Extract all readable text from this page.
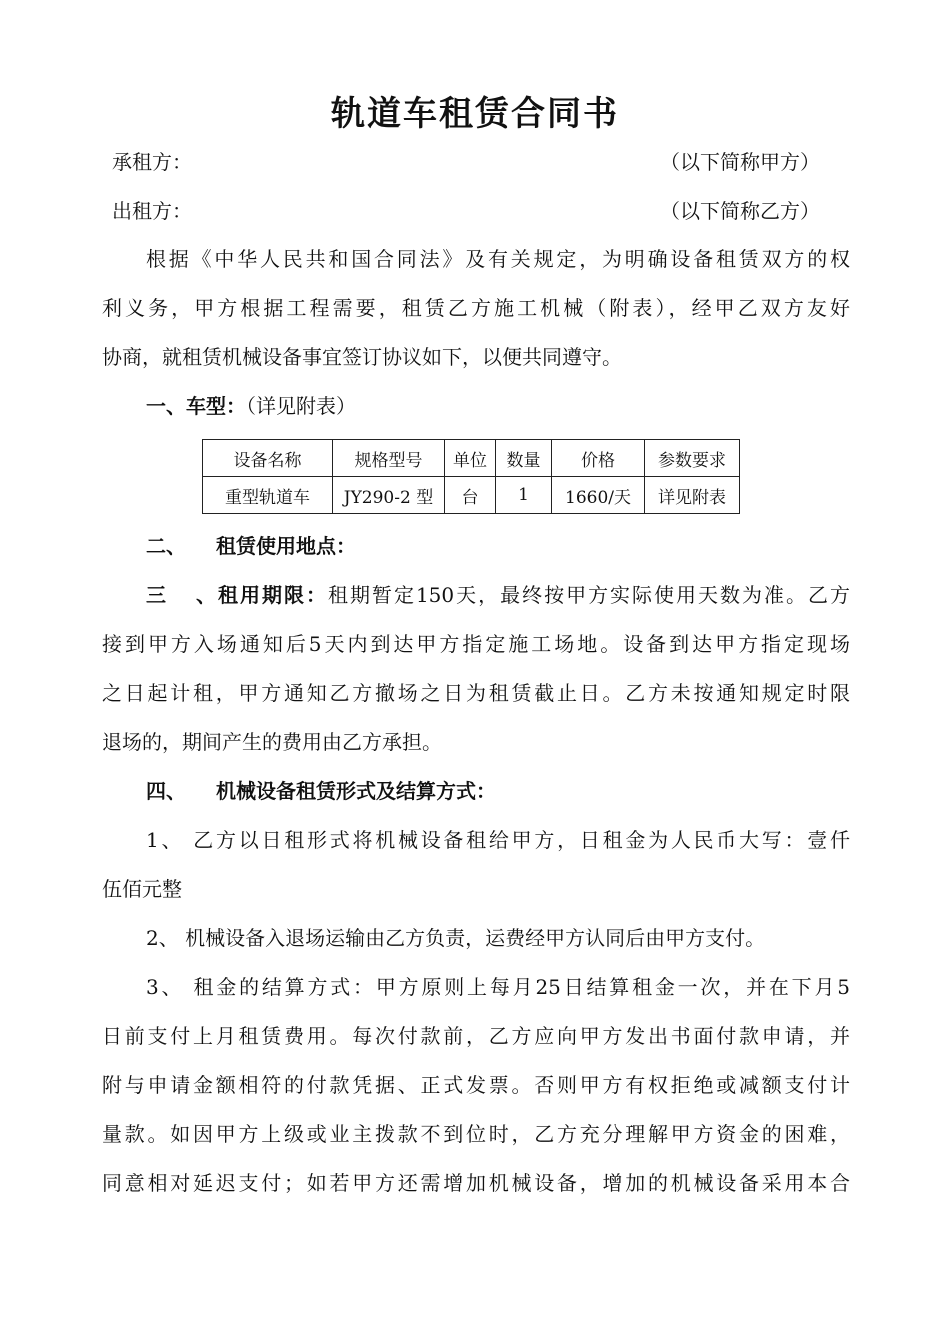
轨道车租赁合同书
承租方：	（以下简称甲方）
出租方：	（以下简称乙方）
根据《中华人民共和国合同法》及有关规定，为明确设备租赁双方的权
利义务，甲方根据工程需要，租赁乙方施工机械（附表），经甲乙双方友好
协商，就租赁机械设备事宜签订协议如下，以便共同遵守。
一、车型：（详见附表）
设备名称	规格型号	单位	数量	价格	参数要求
重型轨道车	JY290-2 型	台	1	1660/天	详见附表
二、 租赁使用地点：
三、租用期限：租期暂定150天，最终按甲方实际使用天数为准。乙方
接到甲方入场通知后5天内到达甲方指定施工场地。设备到达甲方指定现场
之日起计租，甲方通知乙方撤场之日为租赁截止日。乙方未按通知规定时限
退场的，期间产生的费用由乙方承担。
四、 机械设备租赁形式及结算方式：
1、 乙方以日租形式将机械设备租给甲方，日租金为人民币大写：壹仟
伍佰元整
2、 机械设备入退场运输由乙方负责，运费经甲方认同后由甲方支付。
3、 租金的结算方式：甲方原则上每月25日结算租金一次，并在下月5
日前支付上月租赁费用。每次付款前，乙方应向甲方发出书面付款申请，并
附与申请金额相符的付款凭据、正式发票。否则甲方有权拒绝或减额支付计
量款。如因甲方上级或业主拨款不到位时，乙方充分理解甲方资金的困难，
同意相对延迟支付；如若甲方还需增加机械设备，增加的机械设备采用本合
